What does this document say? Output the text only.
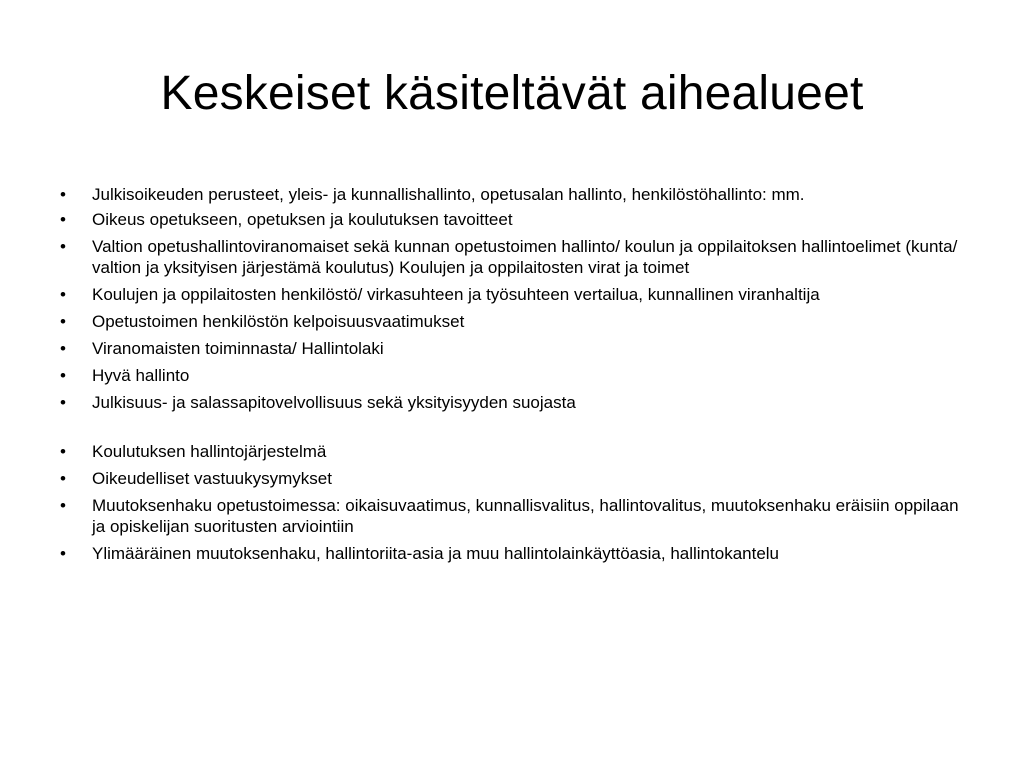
Keskeiset käsiteltävät aihealueet
•	Julkisoikeuden perusteet, yleis- ja kunnallishallinto, opetusalan hallinto, henkilöstöhallinto: mm.
•	Oikeus opetukseen, opetuksen ja koulutuksen tavoitteet
•	Valtion opetushallintoviranomaiset sekä kunnan opetustoimen hallinto/ koulun ja oppilaitoksen hallintoelimet (kunta/ valtion ja yksityisen järjestämä koulutus) Koulujen ja oppilaitosten virat ja toimet
•	Koulujen ja oppilaitosten henkilöstö/ virkasuhteen ja työsuhteen vertailua, kunnallinen viranhaltija
•	Opetustoimen henkilöstön kelpoisuusvaatimukset
•	Viranomaisten toiminnasta/ Hallintolaki
•	Hyvä hallinto
•	Julkisuus- ja salassapitovelvollisuus sekä yksityisyyden suojasta
•	Koulutuksen hallintojärjestelmä
•	Oikeudelliset vastuukysymykset
•	Muutoksenhaku opetustoimessa: oikaisuvaatimus, kunnallisvalitus, hallintovalitus, muutoksenhaku eräisiin oppilaan ja opiskelijan suoritusten arviointiin
•	Ylimääräinen muutoksenhaku, hallintoriita-asia ja muu hallintolainkäyttöasia, hallintokantelu
